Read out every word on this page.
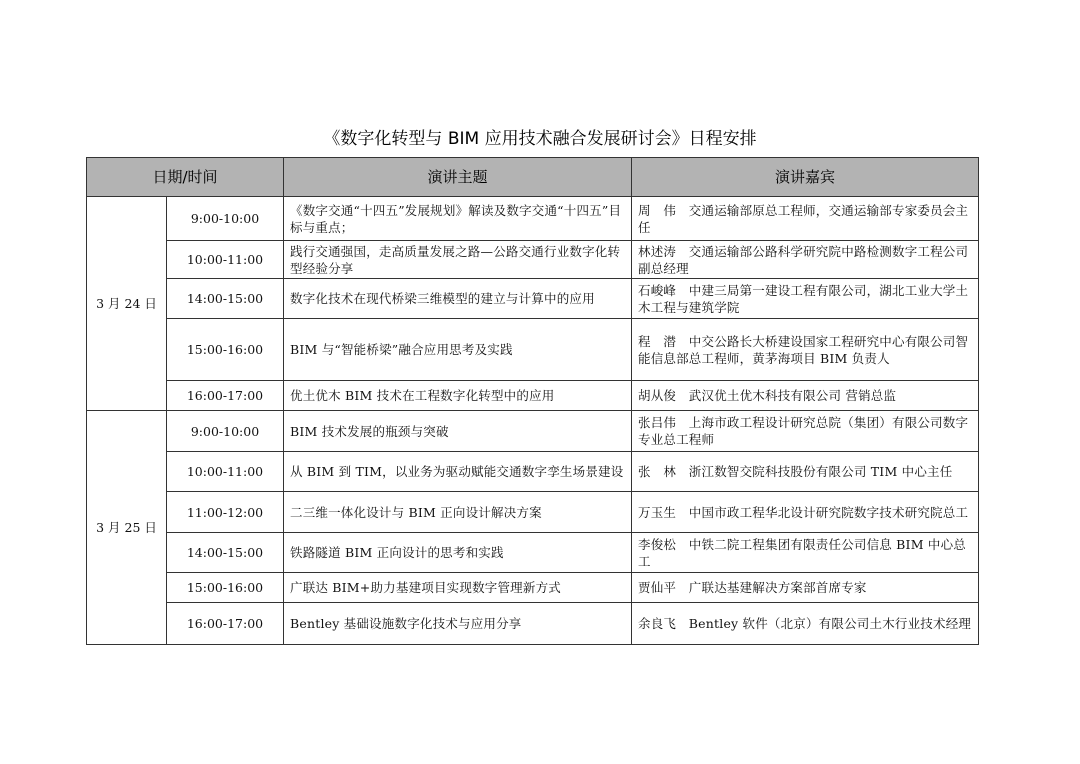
《数字化转型与 BIM 应用技术融合发展研讨会》日程安排
日期/时间		演讲主题	演讲嘉宾
3 月 24 日	9:00-10:00	《数字交通“十四五”发展规划》解读及数字交通“十四五”目标与重点；	周　伟　交通运输部原总工程师，交通运输部专家委员会主任
	10:00-11:00	践行交通强国，走高质量发展之路—公路交通行业数字化转型经验分享	林述涛　交通运输部公路科学研究院中路检测数字工程公司副总经理
	14:00-15:00	数字化技术在现代桥梁三维模型的建立与计算中的应用	石峻峰　中建三局第一建设工程有限公司，湖北工业大学土木工程与建筑学院
	15:00-16:00	BIM 与“智能桥梁”融合应用思考及实践	程　潜　中交公路长大桥建设国家工程研究中心有限公司智能信息部总工程师，黄茅海项目 BIM 负责人
	16:00-17:00	优土优木 BIM 技术在工程数字化转型中的应用	胡从俊　武汉优土优木科技有限公司 营销总监
3 月 25 日	9:00-10:00	BIM 技术发展的瓶颈与突破	张吕伟　上海市政工程设计研究总院（集团）有限公司数字专业总工程师
	10:00-11:00	从 BIM 到 TIM，以业务为驱动赋能交通数字孪生场景建设	张　林　浙江数智交院科技股份有限公司 TIM 中心主任
	11:00-12:00	二三维一体化设计与 BIM 正向设计解决方案	万玉生　中国市政工程华北设计研究院数字技术研究院总工
	14:00-15:00	铁路隧道 BIM 正向设计的思考和实践	李俊松　中铁二院工程集团有限责任公司信息 BIM 中心总工
	15:00-16:00	广联达 BIM+助力基建项目实现数字管理新方式	贾仙平　广联达基建解决方案部首席专家
	16:00-17:00	Bentley 基础设施数字化技术与应用分享	余良飞　Bentley 软件（北京）有限公司土木行业技术经理
